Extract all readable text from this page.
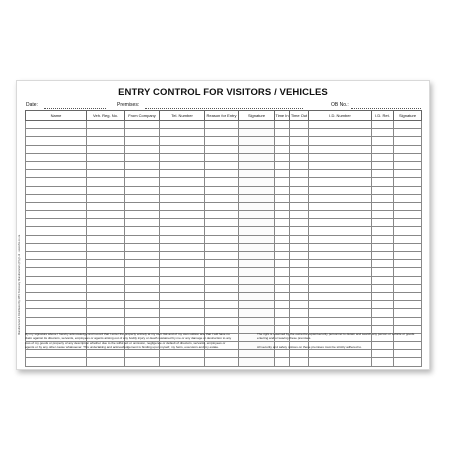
ENTRY CONTROL FOR VISITORS / VEHICLES
Date:	Premises:	OB No.:
Name	Veh. Reg. No.	From Company	Tel. Number	Reason for Entry	Signature	Time In	Time Out	I.D. Number	I.D. Ret.	Signature

Manufactured & Distributed by RBS Stationery Manufacturers (Pty) Ltd · www.rbs.co.za	By my signature above I hereby acknowledge and record that I enter the property entirely at my own risk and of my own volition and that I will have no claim against its directors, servants, employees or agents arising out of any bodily injury or death sustained by me or any damage or destruction to any loss of my goods or property of any description whether due to the wilful act or omission, negligence or default of directors, servants, employees or agents or by any other cause whatsoever. This undertaking and acknowledgement is binding upon myself, my heirs, executors and my estate.

The right is reserved by the owner/occupier/security personnel to detain and search any person or vehicle or goods entering and or leaving these premises.

All security and safety notices on these premises must be strictly adhered to.
